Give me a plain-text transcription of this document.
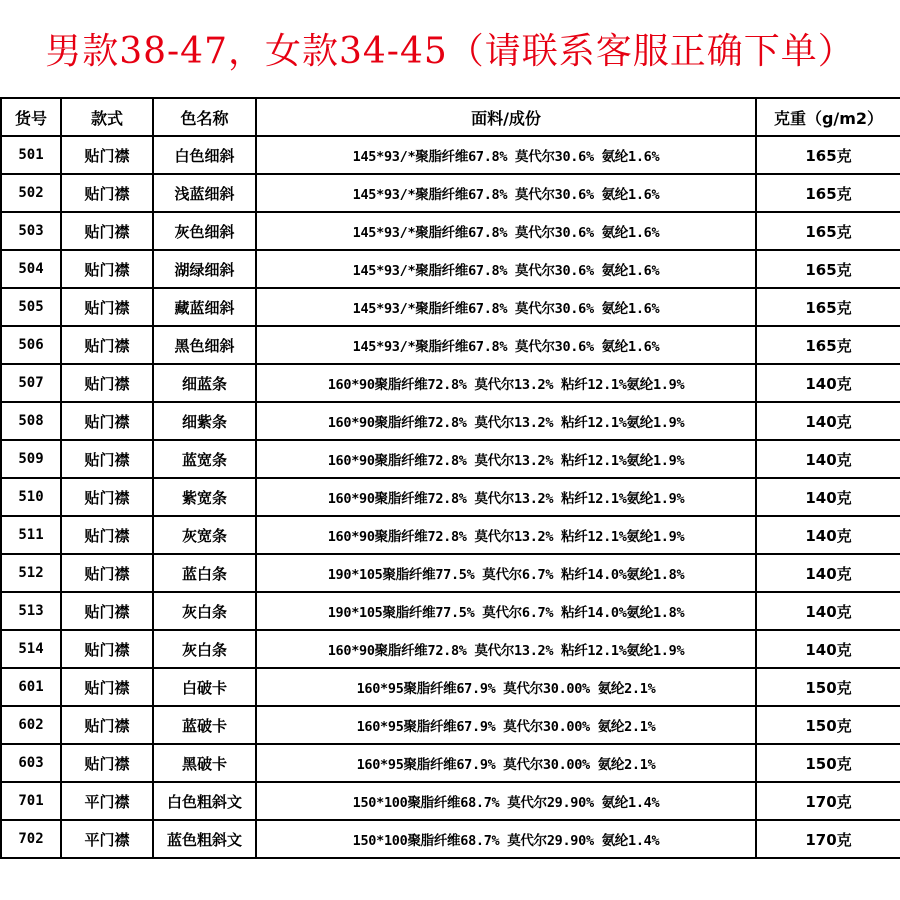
男款38-47，女款34-45（请联系客服正确下单）
货号	款式	色名称	面料/成份	克重（g/m2）
501	贴门襟	白色细斜	145*93/*聚脂纤维67.8% 莫代尔30.6% 氨纶1.6%	165克
502	贴门襟	浅蓝细斜	145*93/*聚脂纤维67.8% 莫代尔30.6% 氨纶1.6%	165克
503	贴门襟	灰色细斜	145*93/*聚脂纤维67.8% 莫代尔30.6% 氨纶1.6%	165克
504	贴门襟	湖绿细斜	145*93/*聚脂纤维67.8% 莫代尔30.6% 氨纶1.6%	165克
505	贴门襟	藏蓝细斜	145*93/*聚脂纤维67.8% 莫代尔30.6% 氨纶1.6%	165克
506	贴门襟	黑色细斜	145*93/*聚脂纤维67.8% 莫代尔30.6% 氨纶1.6%	165克
507	贴门襟	细蓝条	160*90聚脂纤维72.8% 莫代尔13.2% 粘纤12.1%氨纶1.9%	140克
508	贴门襟	细紫条	160*90聚脂纤维72.8% 莫代尔13.2% 粘纤12.1%氨纶1.9%	140克
509	贴门襟	蓝宽条	160*90聚脂纤维72.8% 莫代尔13.2% 粘纤12.1%氨纶1.9%	140克
510	贴门襟	紫宽条	160*90聚脂纤维72.8% 莫代尔13.2% 粘纤12.1%氨纶1.9%	140克
511	贴门襟	灰宽条	160*90聚脂纤维72.8% 莫代尔13.2% 粘纤12.1%氨纶1.9%	140克
512	贴门襟	蓝白条	190*105聚脂纤维77.5% 莫代尔6.7% 粘纤14.0%氨纶1.8%	140克
513	贴门襟	灰白条	190*105聚脂纤维77.5% 莫代尔6.7% 粘纤14.0%氨纶1.8%	140克
514	贴门襟	灰白条	160*90聚脂纤维72.8% 莫代尔13.2% 粘纤12.1%氨纶1.9%	140克
601	贴门襟	白破卡	160*95聚脂纤维67.9% 莫代尔30.00% 氨纶2.1%	150克
602	贴门襟	蓝破卡	160*95聚脂纤维67.9% 莫代尔30.00% 氨纶2.1%	150克
603	贴门襟	黑破卡	160*95聚脂纤维67.9% 莫代尔30.00% 氨纶2.1%	150克
701	平门襟	白色粗斜文	150*100聚脂纤维68.7% 莫代尔29.90% 氨纶1.4%	170克
702	平门襟	蓝色粗斜文	150*100聚脂纤维68.7% 莫代尔29.90% 氨纶1.4%	170克
